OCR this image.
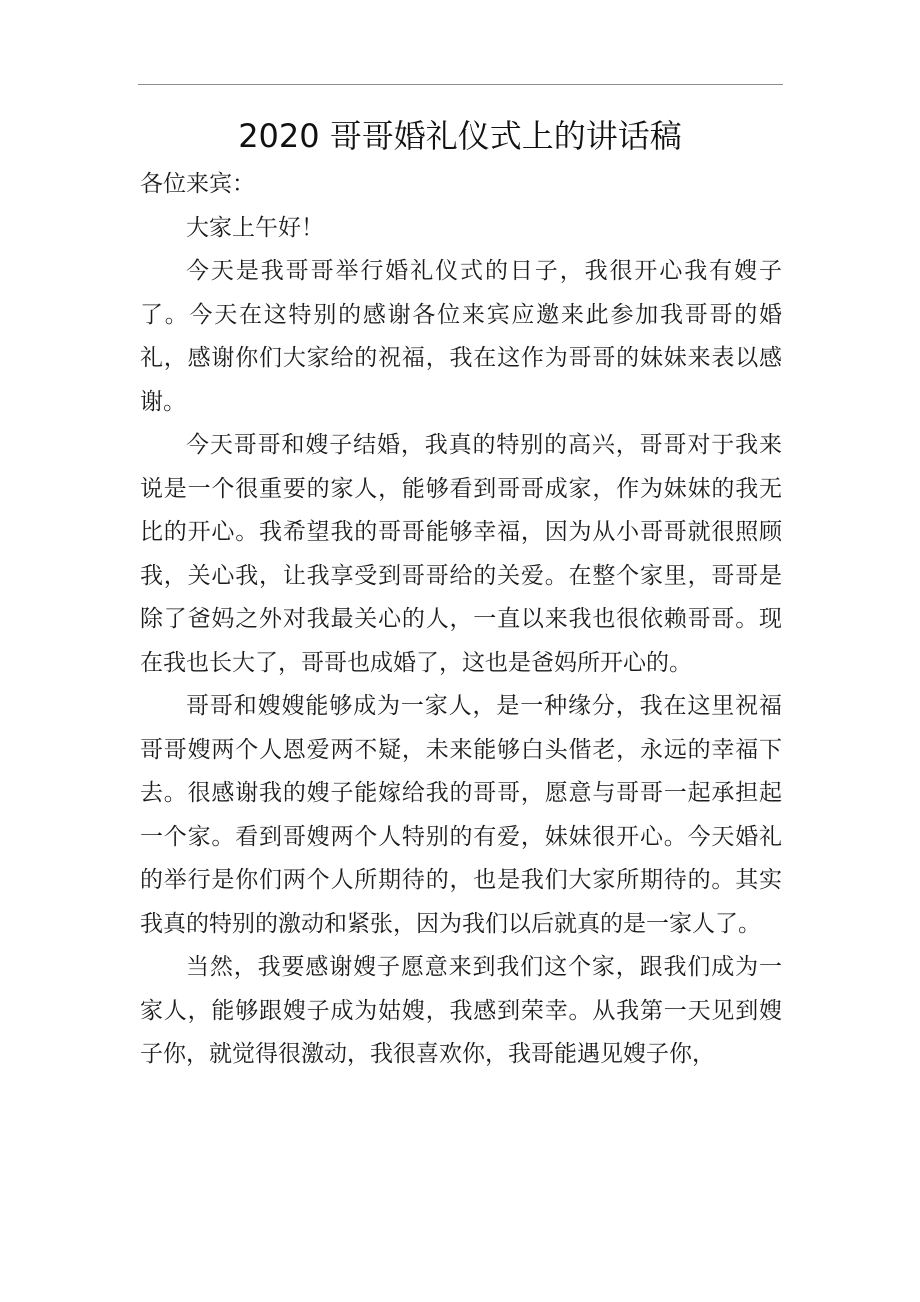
2020 哥哥婚礼仪式上的讲话稿

各位来宾：

大家上午好！

今天是我哥哥举行婚礼仪式的日子，我很开心我有嫂子了。今天在这特别的感谢各位来宾应邀来此参加我哥哥的婚礼，感谢你们大家给的祝福，我在这作为哥哥的妹妹来表以感谢。

今天哥哥和嫂子结婚，我真的特别的高兴，哥哥对于我来说是一个很重要的家人，能够看到哥哥成家，作为妹妹的我无比的开心。我希望我的哥哥能够幸福，因为从小哥哥就很照顾我，关心我，让我享受到哥哥给的关爱。在整个家里，哥哥是除了爸妈之外对我最关心的人，一直以来我也很依赖哥哥。现在我也长大了，哥哥也成婚了，这也是爸妈所开心的。

哥哥和嫂嫂能够成为一家人，是一种缘分，我在这里祝福哥哥嫂两个人恩爱两不疑，未来能够白头偕老，永远的幸福下去。很感谢我的嫂子能嫁给我的哥哥，愿意与哥哥一起承担起一个家。看到哥嫂两个人特别的有爱，妹妹很开心。今天婚礼的举行是你们两个人所期待的，也是我们大家所期待的。其实我真的特别的激动和紧张，因为我们以后就真的是一家人了。

当然，我要感谢嫂子愿意来到我们这个家，跟我们成为一家人，能够跟嫂子成为姑嫂，我感到荣幸。从我第一天见到嫂子你，就觉得很激动，我很喜欢你，我哥能遇见嫂子你，
